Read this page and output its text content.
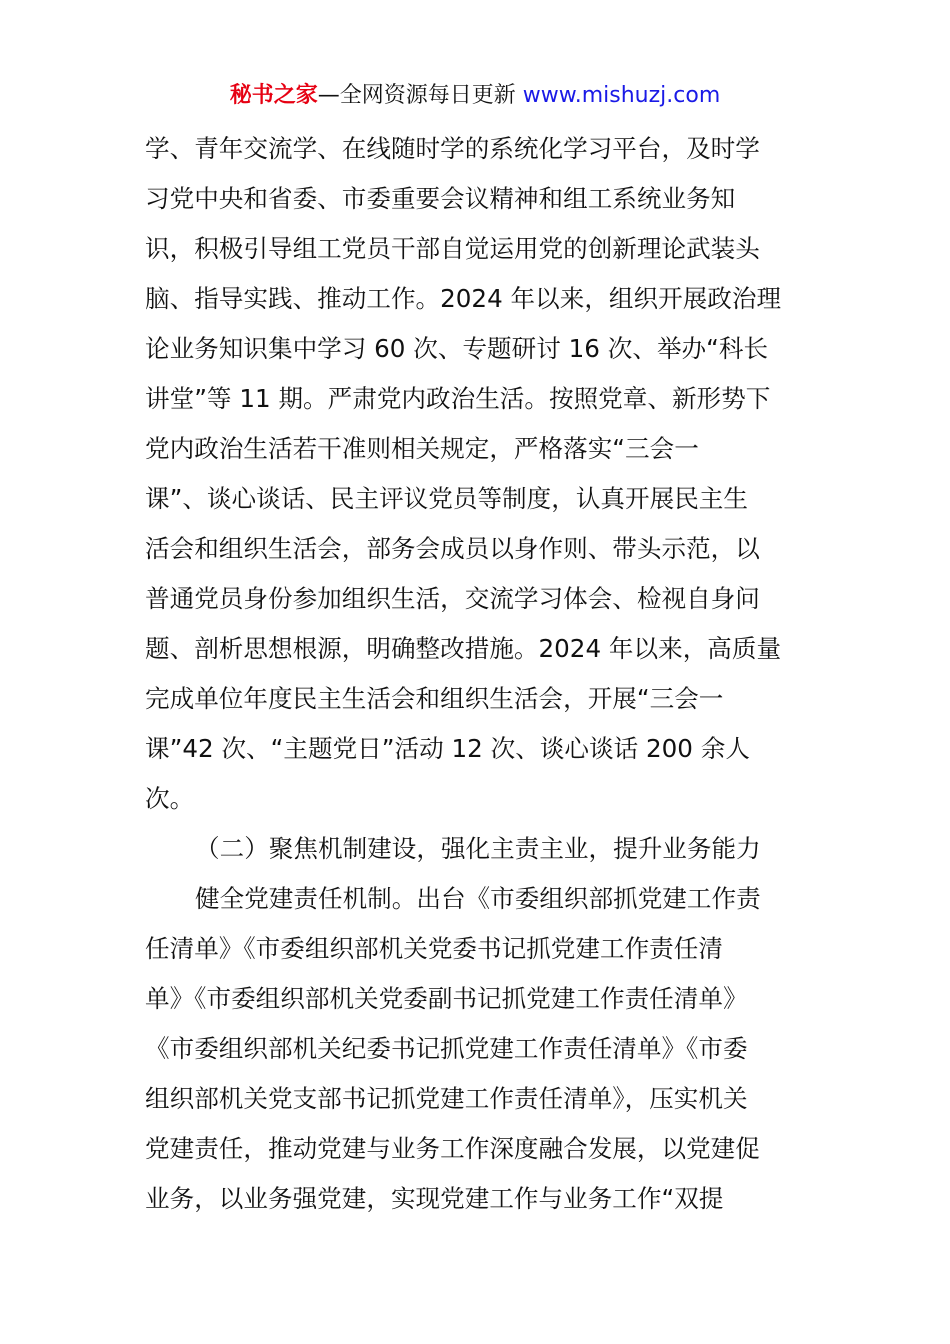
秘书之家—全网资源每日更新 www.mishuzj.com
学、青年交流学、在线随时学的系统化学习平台，及时学
习党中央和省委、市委重要会议精神和组工系统业务知
识，积极引导组工党员干部自觉运用党的创新理论武装头
脑、指导实践、推动工作。2024 年以来，组织开展政治理
论业务知识集中学习 60 次、专题研讨 16 次、举办“科长
讲堂”等 11 期。严肃党内政治生活。按照党章、新形势下
党内政治生活若干准则相关规定，严格落实“三会一
课”、谈心谈话、民主评议党员等制度，认真开展民主生
活会和组织生活会，部务会成员以身作则、带头示范，以
普通党员身份参加组织生活，交流学习体会、检视自身问
题、剖析思想根源，明确整改措施。2024 年以来，高质量
完成单位年度民主生活会和组织生活会，开展“三会一
课”42 次、“主题党日”活动 12 次、谈心谈话 200 余人
次。
（二）聚焦机制建设，强化主责主业，提升业务能力
健全党建责任机制。出台《市委组织部抓党建工作责
任清单》《市委组织部机关党委书记抓党建工作责任清
单》《市委组织部机关党委副书记抓党建工作责任清单》
《市委组织部机关纪委书记抓党建工作责任清单》《市委
组织部机关党支部书记抓党建工作责任清单》，压实机关
党建责任，推动党建与业务工作深度融合发展，以党建促
业务，以业务强党建，实现党建工作与业务工作“双提
